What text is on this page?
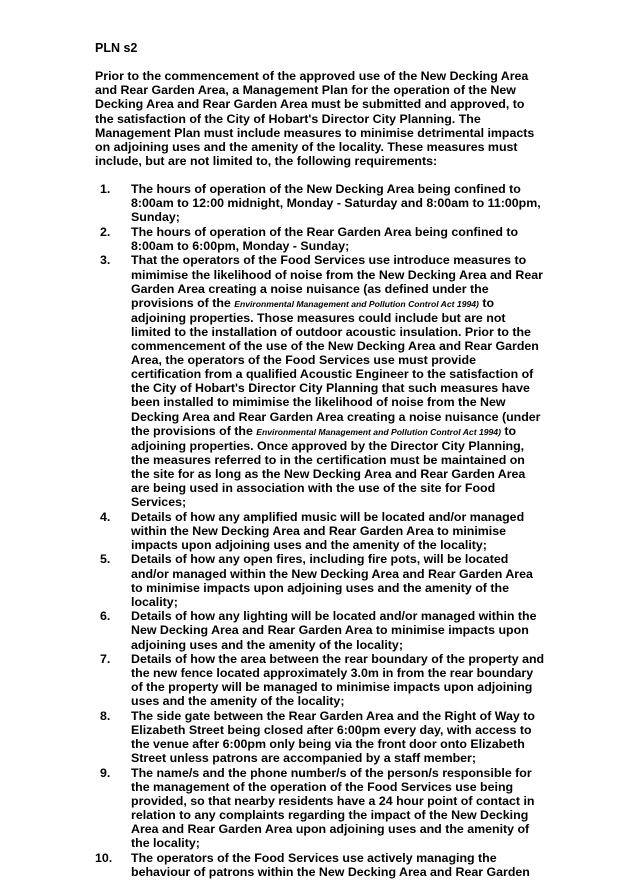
PLN s2

Prior to the commencement of the approved use of the New Decking Area and Rear Garden Area, a Management Plan for the operation of the New Decking Area and Rear Garden Area must be submitted and approved, to the satisfaction of the City of Hobart's Director City Planning. The Management Plan must include measures to minimise detrimental impacts on adjoining uses and the amenity of the locality. These measures must include, but are not limited to, the following requirements:

1. The hours of operation of the New Decking Area being confined to 8:00am to 12:00 midnight, Monday - Saturday and 8:00am to 11:00pm, Sunday;
2. The hours of operation of the Rear Garden Area being confined to 8:00am to 6:00pm, Monday - Sunday;
3. That the operators of the Food Services use introduce measures to mimimise the likelihood of noise from the New Decking Area and Rear Garden Area creating a noise nuisance (as defined under the provisions of the Environmental Management and Pollution Control Act 1994) to adjoining properties. Those measures could include but are not limited to the installation of outdoor acoustic insulation. Prior to the commencement of the use of the New Decking Area and Rear Garden Area, the operators of the Food Services use must provide certification from a qualified Acoustic Engineer to the satisfaction of the City of Hobart's Director City Planning that such measures have been installed to mimimise the likelihood of noise from the New Decking Area and Rear Garden Area creating a noise nuisance (under the provisions of the Environmental Management and Pollution Control Act 1994) to adjoining properties. Once approved by the Director City Planning, the measures referred to in the certification must be maintained on the site for as long as the New Decking Area and Rear Garden Area are being used in association with the use of the site for Food Services;
4. Details of how any amplified music will be located and/or managed within the New Decking Area and Rear Garden Area to minimise impacts upon adjoining uses and the amenity of the locality;
5. Details of how any open fires, including fire pots, will be located and/or managed within the New Decking Area and Rear Garden Area to minimise impacts upon adjoining uses and the amenity of the locality;
6. Details of how any lighting will be located and/or managed within the New Decking Area and Rear Garden Area to minimise impacts upon adjoining uses and the amenity of the locality;
7. Details of how the area between the rear boundary of the property and the new fence located approximately 3.0m in from the rear boundary of the property will be managed to minimise impacts upon adjoining uses and the amenity of the locality;
8. The side gate between the Rear Garden Area and the Right of Way to Elizabeth Street being closed after 6:00pm every day, with access to the venue after 6:00pm only being via the front door onto Elizabeth Street unless patrons are accompanied by a staff member;
9. The name/s and the phone number/s of the person/s responsible for the management of the operation of the Food Services use being provided, so that nearby residents have a 24 hour point of contact in relation to any complaints regarding the impact of the New Decking Area and Rear Garden Area upon adjoining uses and the amenity of the locality;
10. The operators of the Food Services use actively managing the behaviour of patrons within the New Decking Area and Rear Garden
